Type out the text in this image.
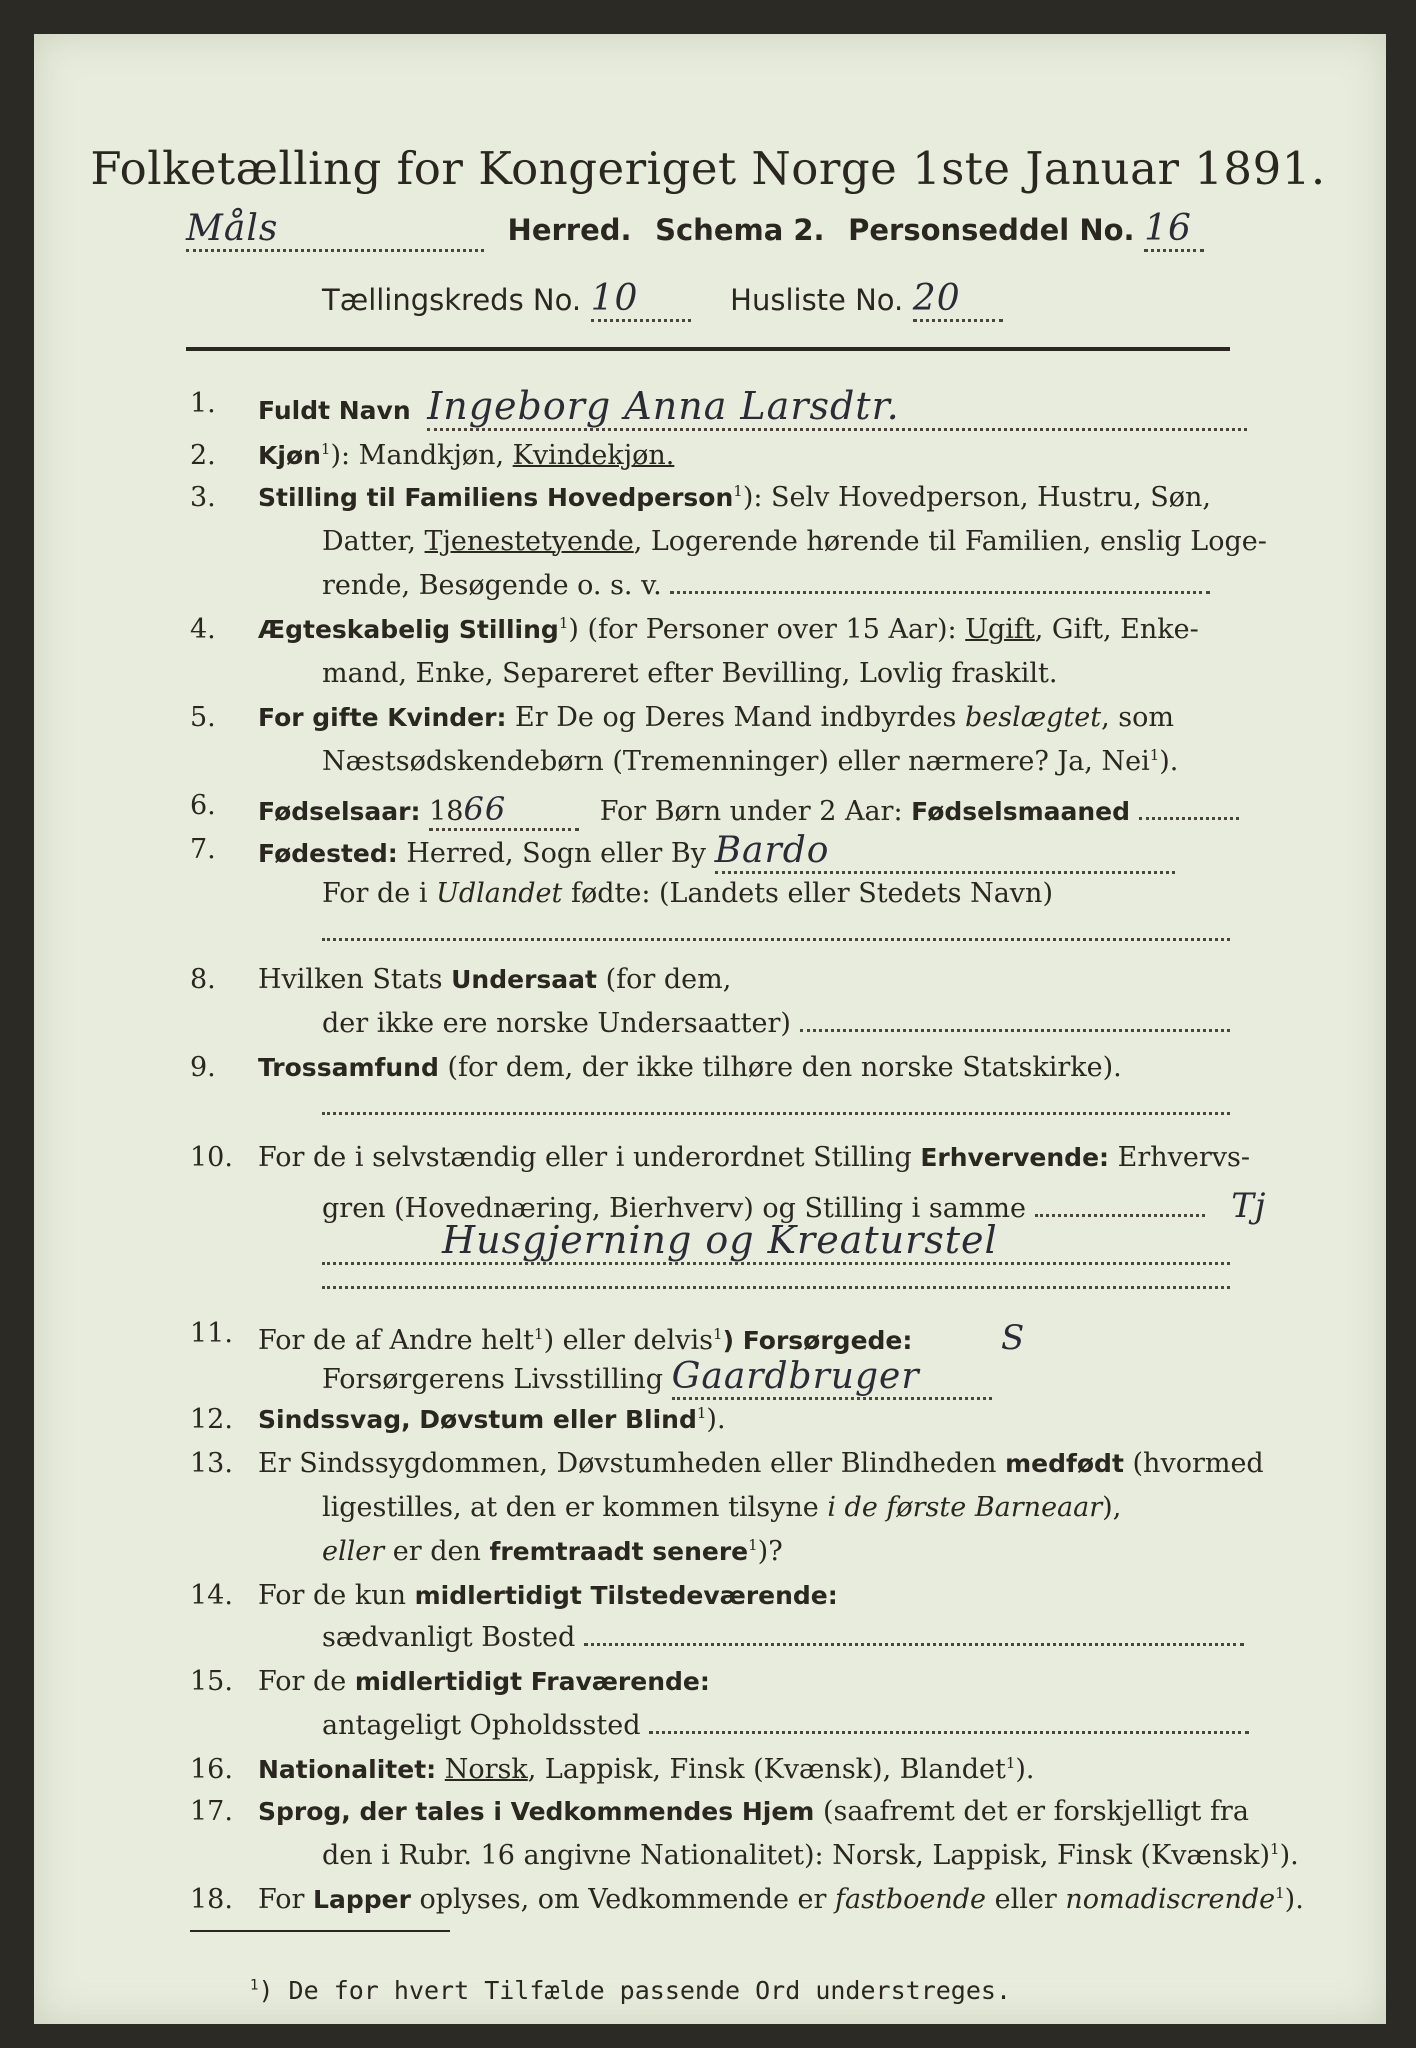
Folketælling for Kongeriget Norge 1ste Januar 1891.
Måls	Herred. Schema 2. Personseddel No. 16
Tællingskreds No. 10	Husliste No. 20
1. Fuldt Navn Ingeborg Anna Larsdtr.
2. Kjøn$^1$): Mandkjøn, Kvindekjøn.
3. Stilling til Familiens Hovedperson$^1$): Selv Hovedperson, Hustru, Søn,
Datter, Tjenestetyende, Logerende hørende til Familien, enslig Loge-
rende, Besøgende o. s. v.
4. Ægteskabelig Stilling$^1$) (for Personer over 15 Aar): Ugift, Gift, Enke-
mand, Enke, Separeret efter Bevilling, Lovlig fraskilt.
5. For gifte Kvinder: Er De og Deres Mand indbyrdes beslægtet, som
Næstsødskendebørn (Tremenninger) eller nærmere? Ja, Nei$^1$).
6. Fødselsaar: 1866	For Børn under 2 Aar: Fødselsmaaned
7. Fødested: Herred, Sogn eller By Bardo
For de i Udlandet fødte: (Landets eller Stedets Navn)
8. Hvilken Stats Undersaat (for dem,
der ikke ere norske Undersaatter)
9. Trossamfund (for dem, der ikke tilhøre den norske Statskirke).
10. For de i selvstændig eller i underordnet Stilling Erhvervende: Erhvervs-
gren (Hovednæring, Bierhverv) og Stilling i samme	Tj
Husgjerning og Kreaturstel
11. For de af Andre helt$^1$) eller delvis$^1$) Forsørgede:	S
Forsørgerens Livsstilling Gaardbruger
12. Sindssvag, Døvstum eller Blind$^1$).
13. Er Sindssygdommen, Døvstumheden eller Blindheden medfødt (hvormed
ligestilles, at den er kommen tilsyne i de første Barneaar),
eller er den fremtraadt senere$^1$)?
14. For de kun midlertidigt Tilstedeværende:
sædvanligt Bosted
15. For de midlertidigt Fraværende:
antageligt Opholdssted
16. Nationalitet: Norsk, Lappisk, Finsk (Kvænsk), Blandet$^1$).
17. Sprog, der tales i Vedkommendes Hjem (saafremt det er forskjelligt fra
den i Rubr. 16 angivne Nationalitet): Norsk, Lappisk, Finsk (Kvænsk)$^1$).
18. For Lapper oplyses, om Vedkommende er fastboende eller nomadiscrende$^1$).
$^1$) De for hvert Tilfælde passende Ord understreges.
